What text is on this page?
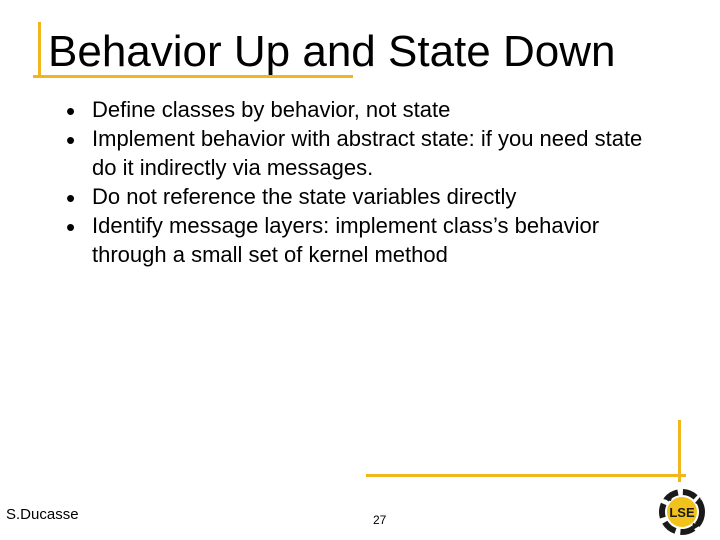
Behavior Up and State Down
• Define classes by behavior, not state
• Implement behavior with abstract state: if you need state do it indirectly via messages.
• Do not reference the state variables directly
• Identify message layers: implement class’s behavior through a small set of kernel method
S.Ducasse	27	LSE
